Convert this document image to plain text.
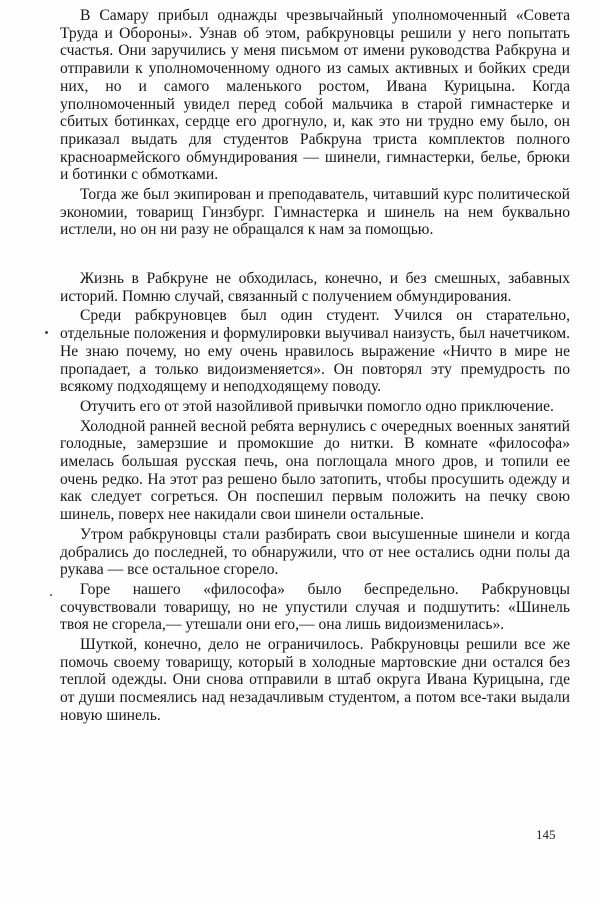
В Самару прибыл однажды чрезвычайный уполномоченный «Совета Труда и Обороны». Узнав об этом, рабкруновцы решили у него попытать счастья. Они заручились у меня письмом от имени руководства Рабкруна и отправили к уполномоченному одного из самых активных и бойких среди них, но и самого маленького ростом, Ивана Курицына. Когда уполномоченный увидел перед собой мальчика в старой гимнастерке и сбитых ботинках, сердце его дрогнуло, и, как это ни трудно ему было, он приказал выдать для студентов Рабкруна триста комплектов полного красноармейского обмундирования — шинели, гимнастерки, белье, брюки и ботинки с обмотками.

Тогда же был экипирован и преподаватель, читавший курс политической экономии, товарищ Гинзбург. Гимнастерка и шинель на нем буквально истлели, но он ни разу не обращался к нам за помощью.

Жизнь в Рабкруне не обходилась, конечно, и без смешных, забавных историй. Помню случай, связанный с получением обмундирования.

Среди рабкруновцев был один студент. Учился он старательно, отдельные положения и формулировки выучивал наизусть, был начетчиком. Не знаю почему, но ему очень нравилось выражение «Ничто в мире не пропадает, а только видоизменяется». Он повторял эту премудрость по всякому подходящему и неподходящему поводу.

Отучить его от этой назойливой привычки помогло одно приключение.

Холодной ранней весной ребята вернулись с очередных военных занятий голодные, замерзшие и промокшие до нитки. В комнате «философа» имелась большая русская печь, она поглощала много дров, и топили ее очень редко. На этот раз решено было затопить, чтобы просушить одежду и как следует согреться. Он поспешил первым положить на печку свою шинель, поверх нее накидали свои шинели остальные.

Утром рабкруновцы стали разбирать свои высушенные шинели и когда добрались до последней, то обнаружили, что от нее остались одни полы да рукава — все остальное сгорело.

Горе нашего «философа» было беспредельно. Рабкруновцы сочувствовали товарищу, но не упустили случая и подшутить: «Шинель твоя не сгорела,— утешали они его,— она лишь видоизменилась».

Шуткой, конечно, дело не ограничилось. Рабкруновцы решили все же помочь своему товарищу, который в холодные мартовские дни остался без теплой одежды. Они снова отправили в штаб округа Ивана Курицына, где от души посмеялись над незадачливым студентом, а потом все-таки выдали новую шинель.

145
